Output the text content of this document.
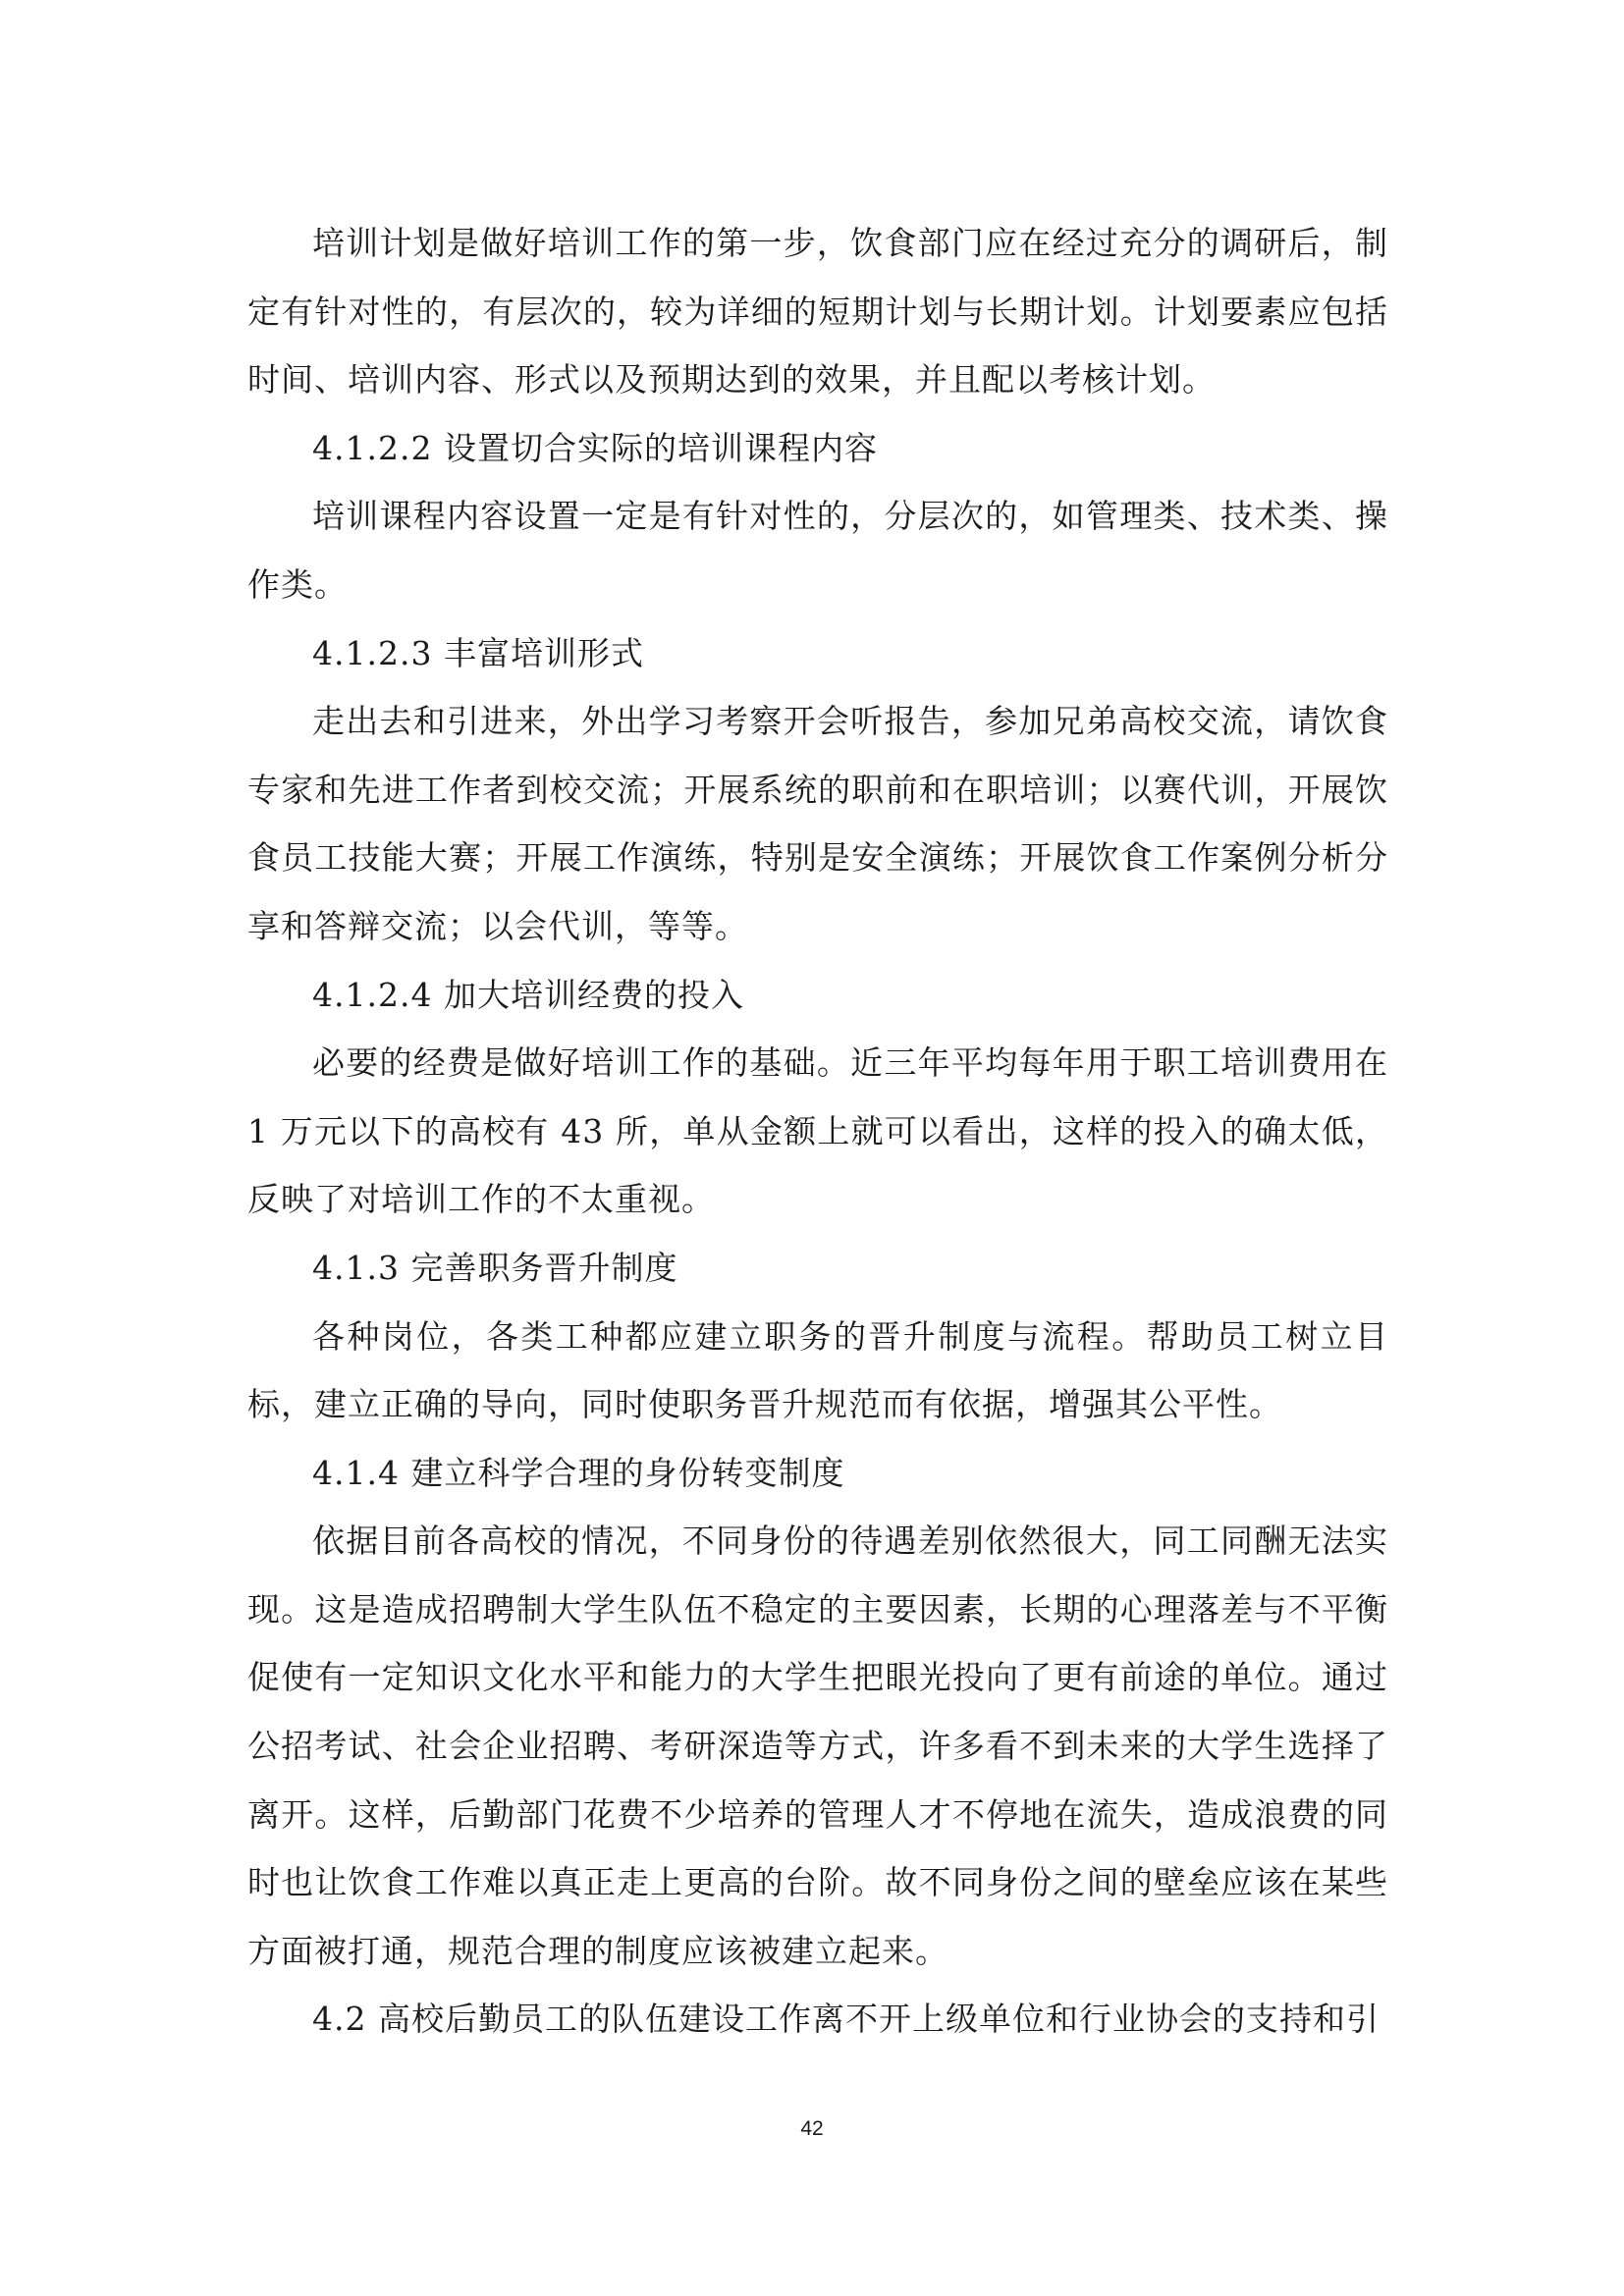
培训计划是做好培训工作的第一步，饮食部门应在经过充分的调研后，制定有针对性的，有层次的，较为详细的短期计划与长期计划。计划要素应包括时间、培训内容、形式以及预期达到的效果，并且配以考核计划。

4.1.2.2 设置切合实际的培训课程内容

培训课程内容设置一定是有针对性的，分层次的，如管理类、技术类、操作类。

4.1.2.3 丰富培训形式

走出去和引进来，外出学习考察开会听报告，参加兄弟高校交流，请饮食专家和先进工作者到校交流；开展系统的职前和在职培训；以赛代训，开展饮食员工技能大赛；开展工作演练，特别是安全演练；开展饮食工作案例分析分享和答辩交流；以会代训，等等。

4.1.2.4 加大培训经费的投入

必要的经费是做好培训工作的基础。近三年平均每年用于职工培训费用在 1 万元以下的高校有 43 所，单从金额上就可以看出，这样的投入的确太低，反映了对培训工作的不太重视。

4.1.3 完善职务晋升制度

各种岗位，各类工种都应建立职务的晋升制度与流程。帮助员工树立目标，建立正确的导向，同时使职务晋升规范而有依据，增强其公平性。

4.1.4 建立科学合理的身份转变制度

依据目前各高校的情况，不同身份的待遇差别依然很大，同工同酬无法实现。这是造成招聘制大学生队伍不稳定的主要因素，长期的心理落差与不平衡促使有一定知识文化水平和能力的大学生把眼光投向了更有前途的单位。通过公招考试、社会企业招聘、考研深造等方式，许多看不到未来的大学生选择了离开。这样，后勤部门花费不少培养的管理人才不停地在流失，造成浪费的同时也让饮食工作难以真正走上更高的台阶。故不同身份之间的壁垒应该在某些方面被打通，规范合理的制度应该被建立起来。

4.2 高校后勤员工的队伍建设工作离不开上级单位和行业协会的支持和引

42
